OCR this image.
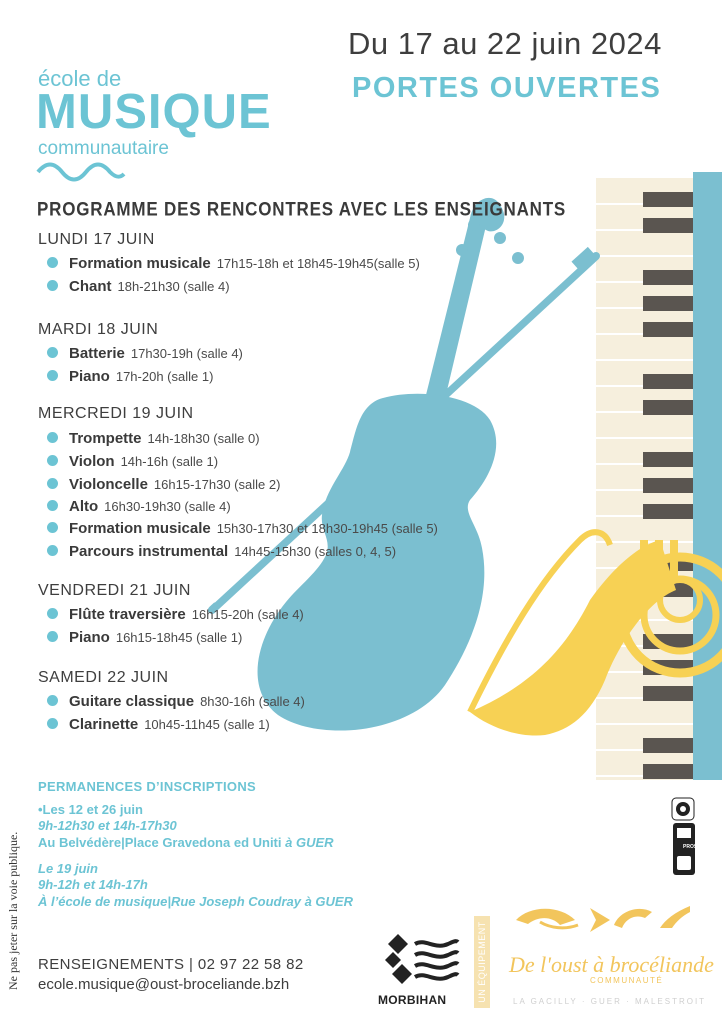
Du 17 au 22 juin 2024
PORTES OUVERTES
école de
MUSIQUE
communautaire
PROGRAMME DES RENCONTRES AVEC LES ENSEIGNANTS
LUNDI 17 JUIN
Formation musicale 17h15-18h et 18h45-19h45(salle 5)
Chant 18h-21h30 (salle 4)
MARDI 18 JUIN
Batterie 17h30-19h (salle 4)
Piano 17h-20h (salle 1)
MERCREDI 19 JUIN
Trompette 14h-18h30 (salle 0)
Violon 14h-16h (salle 1)
Violoncelle 16h15-17h30 (salle 2)
Alto 16h30-19h30 (salle 4)
Formation musicale 15h30-17h30 et 18h30-19h45 (salle 5)
Parcours instrumental 14h45-15h30 (salles 0, 4, 5)
VENDREDI 21 JUIN
Flûte traversière 16h15-20h (salle 4)
Piano 16h15-18h45 (salle 1)
SAMEDI 22 JUIN
Guitare classique 8h30-16h (salle 4)
Clarinette 10h45-11h45 (salle 1)
PERMANENCES D’INSCRIPTIONS
•Les 12 et 26 juin
9h-12h30 et 14h-17h30
Au Belvédère|Place Gravedona ed Uniti à GUER
Le 19 juin
9h-12h et 14h-17h
À l’école de musique|Rue Joseph Coudray à GUER
Ne pas jeter sur la voie publique. RENSEIGNEMENTS | 02 97 22 58 82
ecole.musique@oust-broceliande.bzh
MORBIHAN	UN ÉQUIPEMENT De l'oust à brocéliande
COMMUNAUTÉ
LA GACILLY · GUER · MALESTROIT
PROSPECTUS
